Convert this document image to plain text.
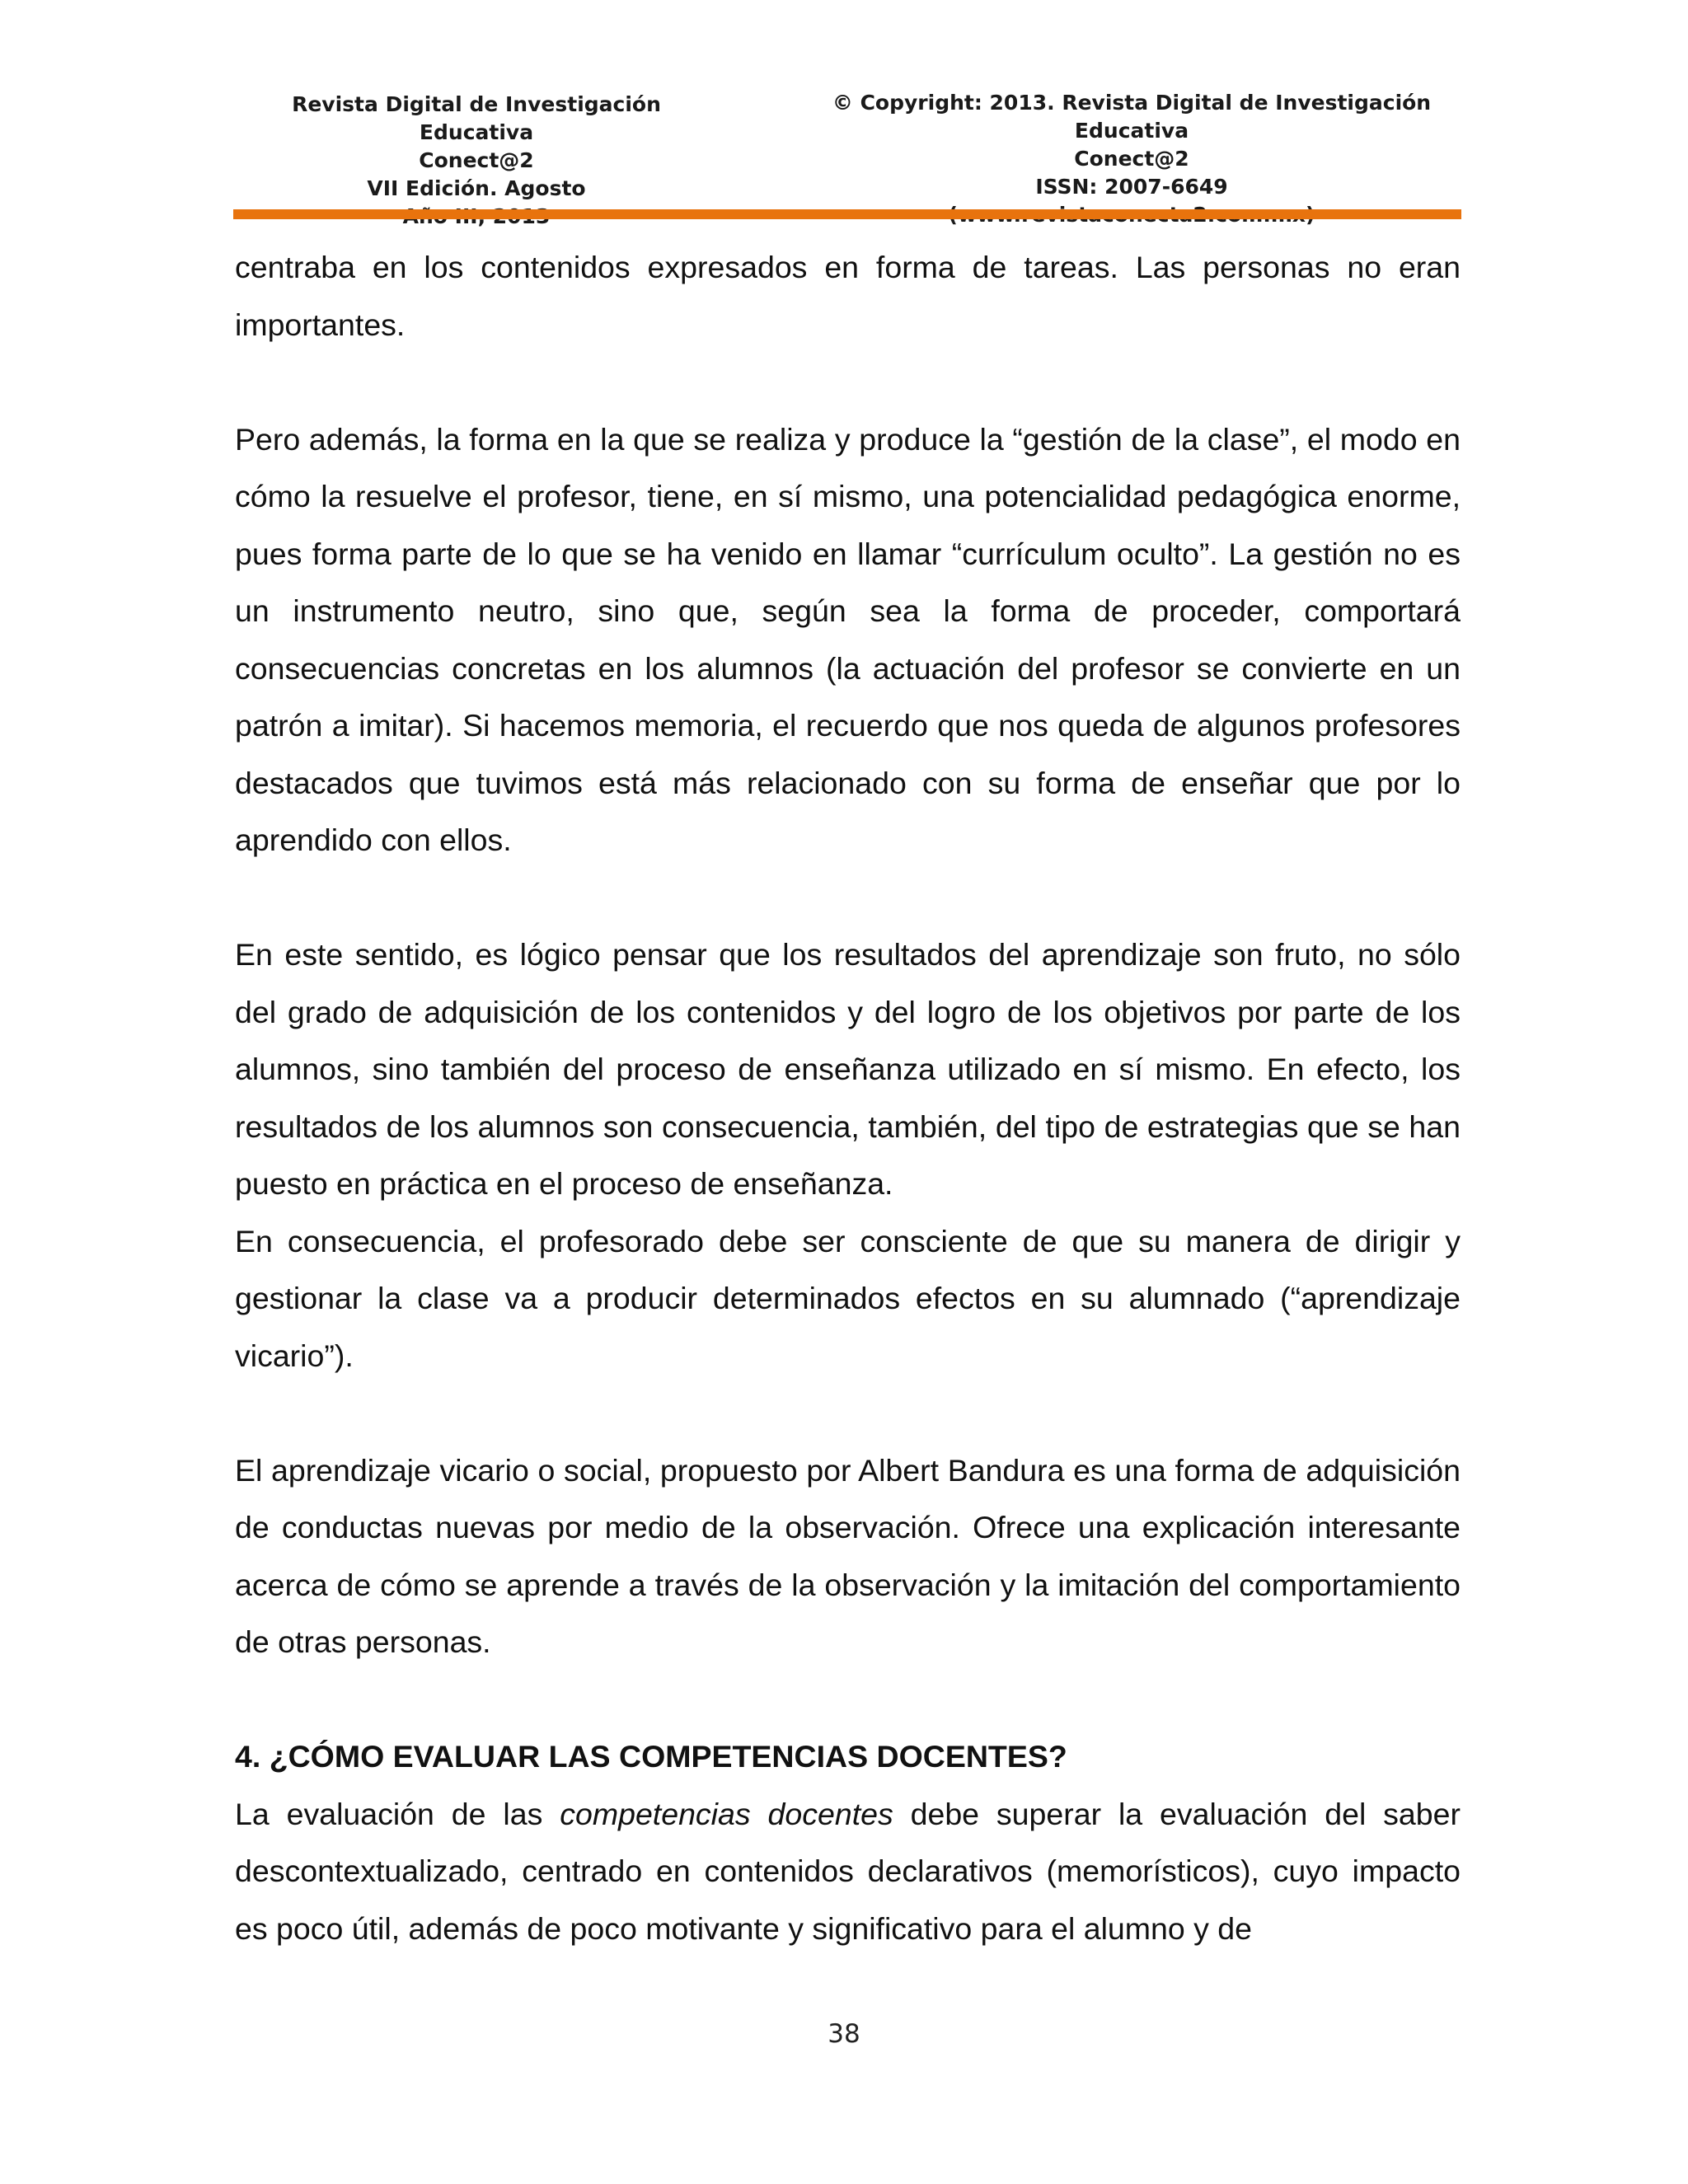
Revista Digital de Investigación Educativa
Conect@2
VII Edición. Agosto
© Copyright: 2013. Revista Digital de Investigación Educativa
Conect@2
ISSN: 2007-6649

centraba en los contenidos expresados en forma de tareas. Las personas no eran importantes.

Pero además, la forma en la que se realiza y produce la “gestión de la clase”, el modo en cómo la resuelve el profesor, tiene, en sí mismo, una potencialidad pedagógica enorme, pues forma parte de lo que se ha venido en llamar “currículum oculto”. La gestión no es un instrumento neutro, sino que, según sea la forma de proceder, comportará consecuencias concretas en los alumnos (la actuación del profesor se convierte en un patrón a imitar). Si hacemos memoria, el recuerdo que nos queda de algunos profesores destacados que tuvimos está más relacionado con su forma de enseñar que por lo aprendido con ellos.

En este sentido, es lógico pensar que los resultados del aprendizaje son fruto, no sólo del grado de adquisición de los contenidos y del logro de los objetivos por parte de los alumnos, sino también del proceso de enseñanza utilizado en sí mismo. En efecto, los resultados de los alumnos son consecuencia, también, del tipo de estrategias que se han puesto en práctica en el proceso de enseñanza.

En consecuencia, el profesorado debe ser consciente de que su manera de dirigir y gestionar la clase va a producir determinados efectos en su alumnado (“aprendizaje vicario”).

El aprendizaje vicario o social, propuesto por Albert Bandura es una forma de adquisición de conductas nuevas por medio de la observación. Ofrece una explicación interesante acerca de cómo se aprende a través de la observación y la imitación del comportamiento de otras personas.

4. ¿CÓMO EVALUAR LAS COMPETENCIAS DOCENTES?

La evaluación de las competencias docentes debe superar la evaluación del saber descontextualizado, centrado en contenidos declarativos (memorísticos), cuyo impacto es poco útil, además de poco motivante y significativo para el alumno y de

38
